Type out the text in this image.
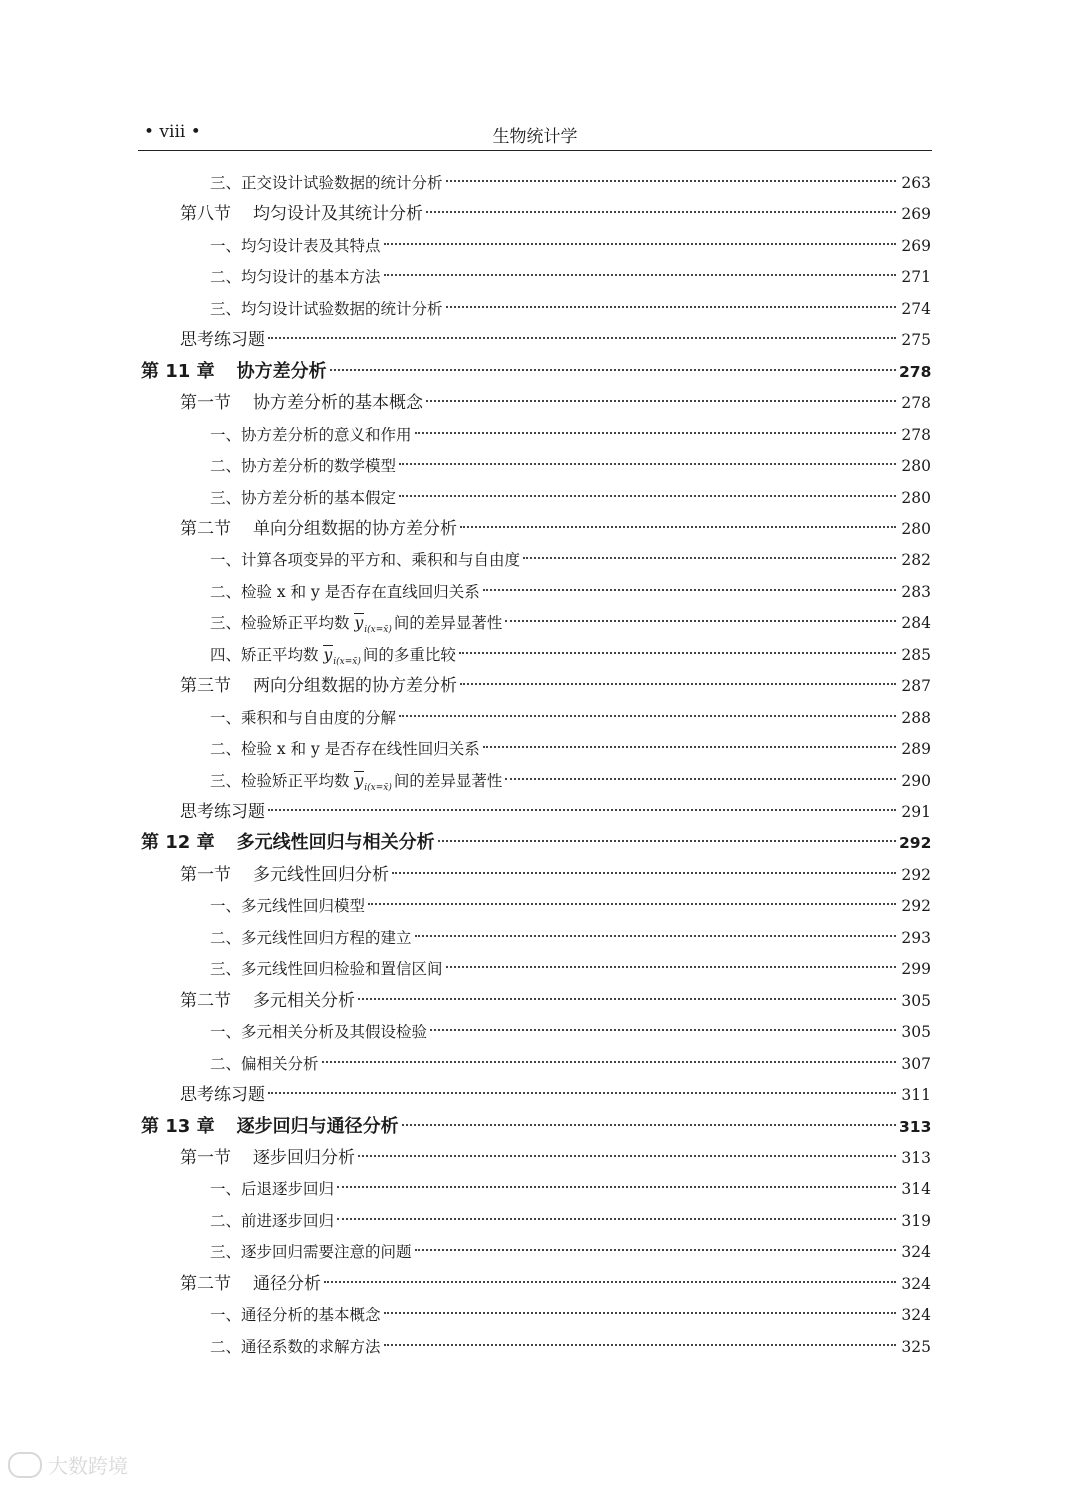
• viii •	生物统计学
三、正交设计试验数据的统计分析	263
第八节 均匀设计及其统计分析	269
一、均匀设计表及其特点	269
二、均匀设计的基本方法	271
三、均匀设计试验数据的统计分析	274
思考练习题	275
第 11 章 协方差分析	278
第一节 协方差分析的基本概念	278
一、协方差分析的意义和作用	278
二、协方差分析的数学模型	280
三、协方差分析的基本假定	280
第二节 单向分组数据的协方差分析	280
一、计算各项变异的平方和、乘积和与自由度	282
二、检验 x 和 y 是否存在直线回归关系	283
三、检验矫正平均数 $y_{i(x=x̄)}$ 间的差异显著性	284
四、矫正平均数 $y_{i(x=x̄)}$ 间的多重比较	285
第三节 两向分组数据的协方差分析	287
一、乘积和与自由度的分解	288
二、检验 x 和 y 是否存在线性回归关系	289
三、检验矫正平均数 $y_{i(x=x̄)}$ 间的差异显著性	290
思考练习题	291
第 12 章 多元线性回归与相关分析	292
第一节 多元线性回归分析	292
一、多元线性回归模型	292
二、多元线性回归方程的建立	293
三、多元线性回归检验和置信区间	299
第二节 多元相关分析	305
一、多元相关分析及其假设检验	305
二、偏相关分析	307
思考练习题	311
第 13 章 逐步回归与通径分析	313
第一节 逐步回归分析	313
一、后退逐步回归	314
二、前进逐步回归	319
三、逐步回归需要注意的问题	324
第二节 通径分析	324
一、通径分析的基本概念	324
二、通径系数的求解方法	325
大数跨境
